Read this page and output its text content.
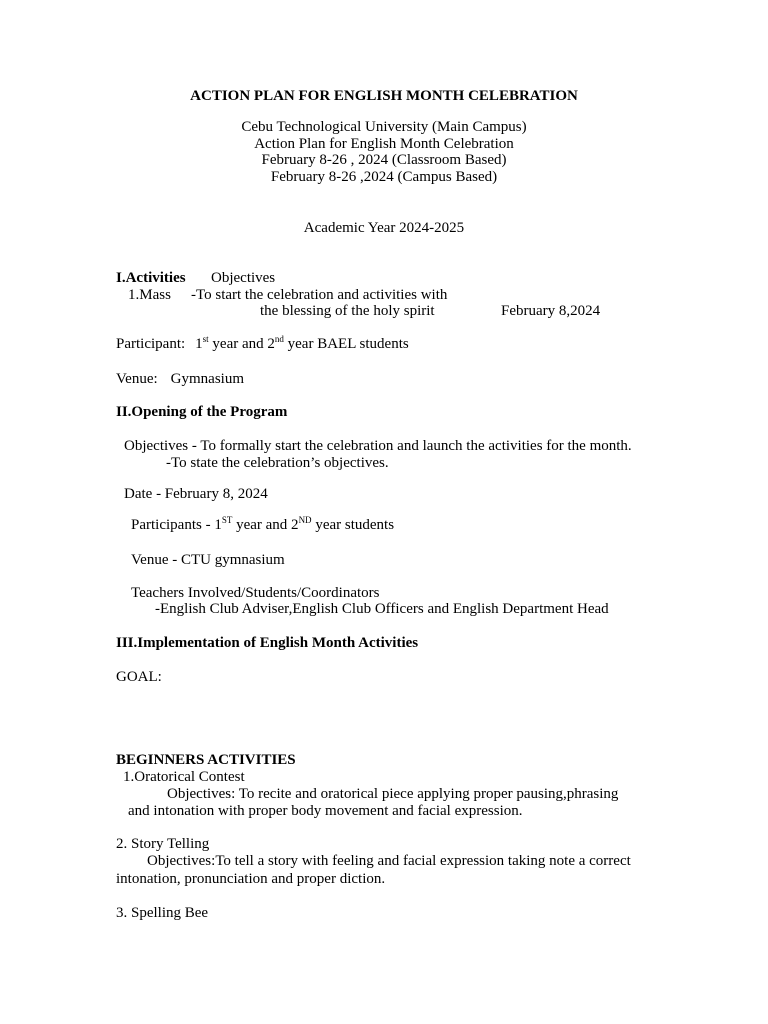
ACTION PLAN FOR ENGLISH MONTH CELEBRATION
Cebu Technological University (Main Campus)
Action Plan for English Month Celebration
February 8-26 , 2024 (Classroom Based)
February 8-26 ,2024 (Campus Based)
Academic Year 2024-2025
I.Activities Objectives
1.Mass -To start the celebration and activities with
the blessing of the holy spirit	February 8,2024
Participant: 1st year and 2nd year BAEL students
Venue: Gymnasium
II.Opening of the Program
Objectives - To formally start the celebration and launch the activities for the month.
-To state the celebration’s objectives.
Date - February 8, 2024
Participants - 1ST year and 2ND year students
Venue - CTU gymnasium
Teachers Involved/Students/Coordinators
-English Club Adviser,English Club Officers and English Department Head
III.Implementation of English Month Activities
GOAL:
BEGINNERS ACTIVITIES
1.Oratorical Contest
Objectives: To recite and oratorical piece applying proper pausing,phrasing
and intonation with proper body movement and facial expression.
2. Story Telling
Objectives:To tell a story with feeling and facial expression taking note a correct
intonation, pronunciation and proper diction.
3. Spelling Bee
